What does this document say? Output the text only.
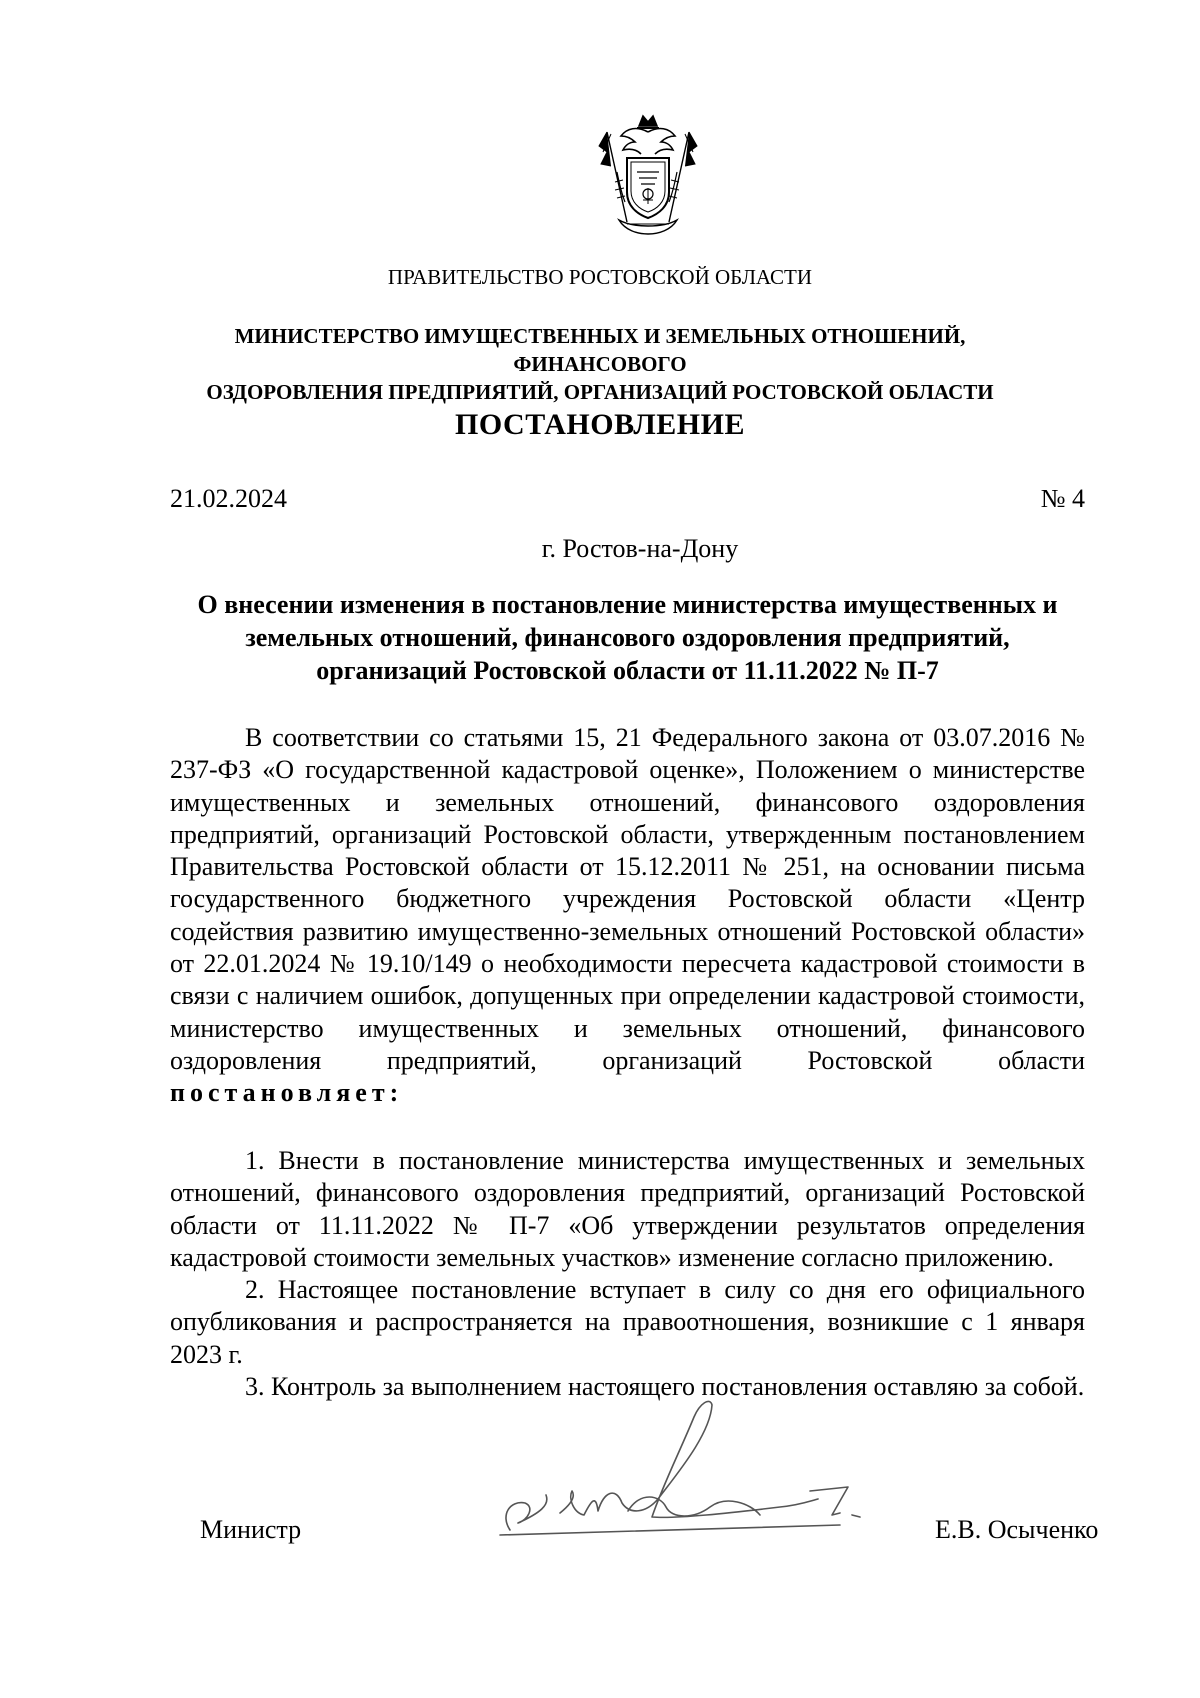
ПРАВИТЕЛЬСТВО РОСТОВСКОЙ ОБЛАСТИ
МИНИСТЕРСТВО ИМУЩЕСТВЕННЫХ И ЗЕМЕЛЬНЫХ ОТНОШЕНИЙ, ФИНАНСОВОГО
ОЗДОРОВЛЕНИЯ ПРЕДПРИЯТИЙ, ОРГАНИЗАЦИЙ РОСТОВСКОЙ ОБЛАСТИ
ПОСТАНОВЛЕНИЕ
21.02.2024	№ 4
г. Ростов-на-Дону
О внесении изменения в постановление министерства имущественных и
земельных отношений, финансового оздоровления предприятий,
организаций Ростовской области от 11.11.2022 № П-7

В соответствии со статьями 15, 21 Федерального закона от 03.07.2016 № 237-ФЗ «О государственной кадастровой оценке», Положением о министерстве имущественных и земельных отношений, финансового оздоровления предприятий, организаций Ростовской области, утвержденным постановлением Правительства Ростовской области от 15.12.2011 № 251, на основании письма государственного бюджетного учреждения Ростовской области «Центр содействия развитию имущественно-земельных отношений Ростовской области» от 22.01.2024 № 19.10/149 о необходимости пересчета кадастровой стоимости в связи с наличием ошибок, допущенных при определении кадастровой стоимости, министерство имущественных и земельных отношений, финансового оздоровления предприятий, организаций Ростовской области постановляет:

1. Внести в постановление министерства имущественных и земельных отношений, финансового оздоровления предприятий, организаций Ростовской области от 11.11.2022 № П-7 «Об утверждении результатов определения кадастровой стоимости земельных участков» изменение согласно приложению.

2. Настоящее постановление вступает в силу со дня его официального опубликования и распространяется на правоотношения, возникшие с 1 января 2023 г.

3. Контроль за выполнением настоящего постановления оставляю за собой.

Министр	Е.В. Осыченко
